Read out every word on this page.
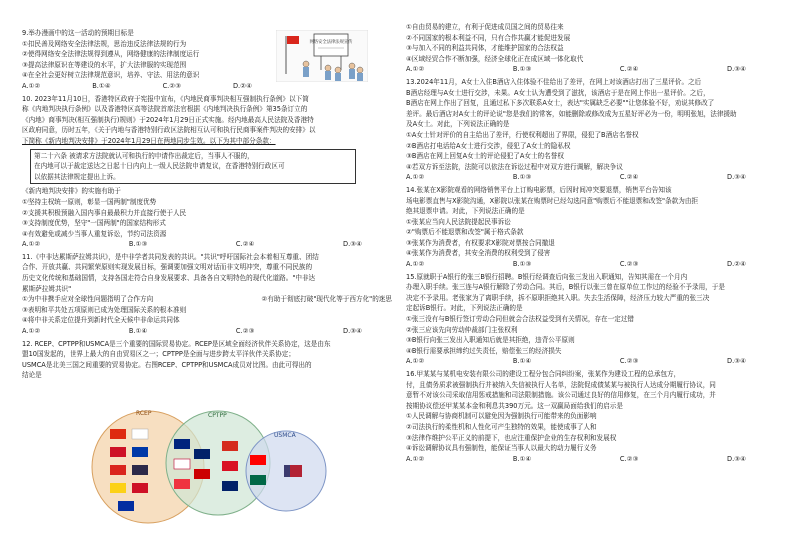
9.举办漫画中的这一活动的预期目标是
①扣民善及网络安全法律法规，思治违反法律法规的行为
②使得网络安全法律法规得到遵从，网络健康的法律制度运行
③提高法律原识在等建设的水平，扩大法律服的实现范围
④在全社会更好树立法律规范意识，培养、守法、用法的意识
A.①②	B.①④	C.②③	D.②④
10. 2023年11月10日，香港特区政府于宪报中宣布，《内地民商事判决相互强制执行条例》以下简
称《内地判决执行条例》以及香港特区高等法院首席法官根据《内地判决执行条例》第35条订立的
《内地》商事判决(相互强制执行)规则》于2024年1月29日正式实施。经内地最高人民法院及香港特
区政府同意，历时五年，《关于内地与香港特别行政区法院相互认可和执行民商事案件判决的安排》以
下简称《新内地判决安排》于2024年1月29日在两地同步生效。以下为其中部分条款：
第二十六条 被请求方法院就认可和执行的申请作出裁定后，当事人不服的，
在内地可以于裁定送达之日起十日内向上一级人民法院申请复议，在香港特别行政区可
以依据其法律规定提出上诉。
《新内地判决安排》的实施有助于
①坚持主权统一原则，彰显一国两制"制度优势
②支援其积极预融入国内事自最最积力并直接行使于人民
③支持制度优势，坚守"一国两制"的国家结构形式
④有效避免或减少当事人重复诉讼，节约司法资源
A.①②	B.①③	C.②④	D.③④
11.《中非达累斯萨拉姆共识》，是中非学者共同发表的共识。"共识"呼吁国际社会本着相互尊重、团结
合作、开放共赢、共同繁荣原则实现发展目标，强调要加强文明对话而非文明冲突，尊重不同民族的
历史文化传统和基础国情，支持各国走符合自身发展要求、具备各自文明特色的现代化道路。"中非达
累斯萨拉姆共识"
①为中非携手应对全球性问题指明了合作方向	②有助于彻底打破"现代化等于西方化"的迷思
③表明和平共处五项原则已成为处理国际关系的根本准则
④将中非关系定位提升到新时代全天候中非命运共同体
A.①②	B.①④	C.②③	D.③④
12. RCEP、CPTPP和USMCA是三个重要的国际贸易协定。RCEP是区域全面经济伙伴关系协定，这是由东
盟10国发起的，世界上最大的自由贸易区之一；CPTPP是全面与进步跨太平洋伙伴关系协定；
USMCA是北美三国之间重要的贸易协定。右图RCEP、CPTPP和USMCA成员对比图。由此可得出的
结论是
网络安全法律法规宣传
RCEP	CPTPP
USMCA
①自由贸易的建立，有利于促进成员国之间的贸易往来
②不同国家的根本利益不同，只有合作共赢才能促进发展
③与加入不同的利益共同体，才能维护国家的合法权益
④区域经贸合作不断加强，经济全球化正在成区域一体化取代
A.①②	B.①③	C.②④	D.③④
13.2024年11月，A女士入住B酒店入住体验不佳给出了差评，在网上对该酒店打出了三星评价。之后
B酒店经理与A女士进行交涉，未果。A女士认为遭受到了滋扰，该酒店于是在网上作出一星评价。之后，
B酒店在网上作出了回复，且通过私下多次联系A女士，表达"实属缺乏必要""让您体验不好，劝说其修改了
差评。最后酒店对A女士的评论说"您是我们的常客，如能删除或修改成为五星好评必为一份，明明张旭，法律援助
及A女士。对此，下列说法正确的是
①A女士针对评价的自主给出了差评，行使权利超出了界限，侵犯了B酒店名誉权
②B酒店打电话给A女士进行交涉，侵犯了A女士的隐私权
③B酒店在网上回复A女士的评论侵犯了A女士的名誉权
④若双方诉至法院，法院可以依法在诉讼过程中对双方进行调解，解决争议
A.①②	B.①③	C.②④	D.③④
14.张某在X影院观看的网络销售平台上订购电影票，后因时间冲突要退票，销售平台告知该
场电影票直售与X影院沟通，X影院以张某在购票时已经勾选同意"购票后不能退票和改签"条款为由拒
绝其退票申请。对此，下列说法正确的是
①张某应当向人民法院提起民事诉讼
②"购票后不能退票和改签"属于格式条款
③张某作为消费者，有权要求X影院对票按合同撤退
④张某作为消费者，其安全消费的权利受到了侵害
A.①②	B.①③	C.②③	D.②④
15.原就职于A银行的张三B银行招聘。B银行经调查后向张三发出入职通知，告知其需在一个月内
办理入职手续。张三连与A银行解除了劳动合同。其后，B银行以张三曾在原单位工作过的经验不予录用，于是
决定不予录用。老张家为了离职手续，拆不原职拒绝其入职。失去生活保障，经济压力较大严重的张三决
定起诉B银行。对此，下列说法正确的是
①张三没有与B银行签订劳动合同但就会合法权益受到有关情况，存在一定过错
②张三应该先向劳动仲裁部门主张权利
③B银行向张三发出入职通知后就是其拒绝，违背公平原则
④B银行需要承担缔约过失责任，赔偿张三的经济损失
A.①②	B.①④	C.②③	D.③④
16.甲某某与某机电安装有限公司的建设工程分包合同纠纷案，张某作为建设工程的总承包方，
付，且债务质求被强制执行并被纳入失信被执行人名单，法院促成债某某与被执行人达成分期履行协议，同
意暂不对该公司采取信用惩戒措施和司法限制措施。该公司通过良好的信用修复，在三个月内履行成功，并
按期协议偿还甲某某本金和利息共390万元。这一双赢局面给我们的启示是
①人民调解与协商机制可以避免因为强制执行可能带来的负面影响
②司法执行的柔性机和人性化可产生独特的效果，能使成事了人和
③法律作维护公平正义的前提下，也应注重保护企业的生存权利和发展权
④诉讼调解协议具有强制性，能保证当事人以最大的动力履行义务
A.①②	B.①④	C.②③	D.③④
